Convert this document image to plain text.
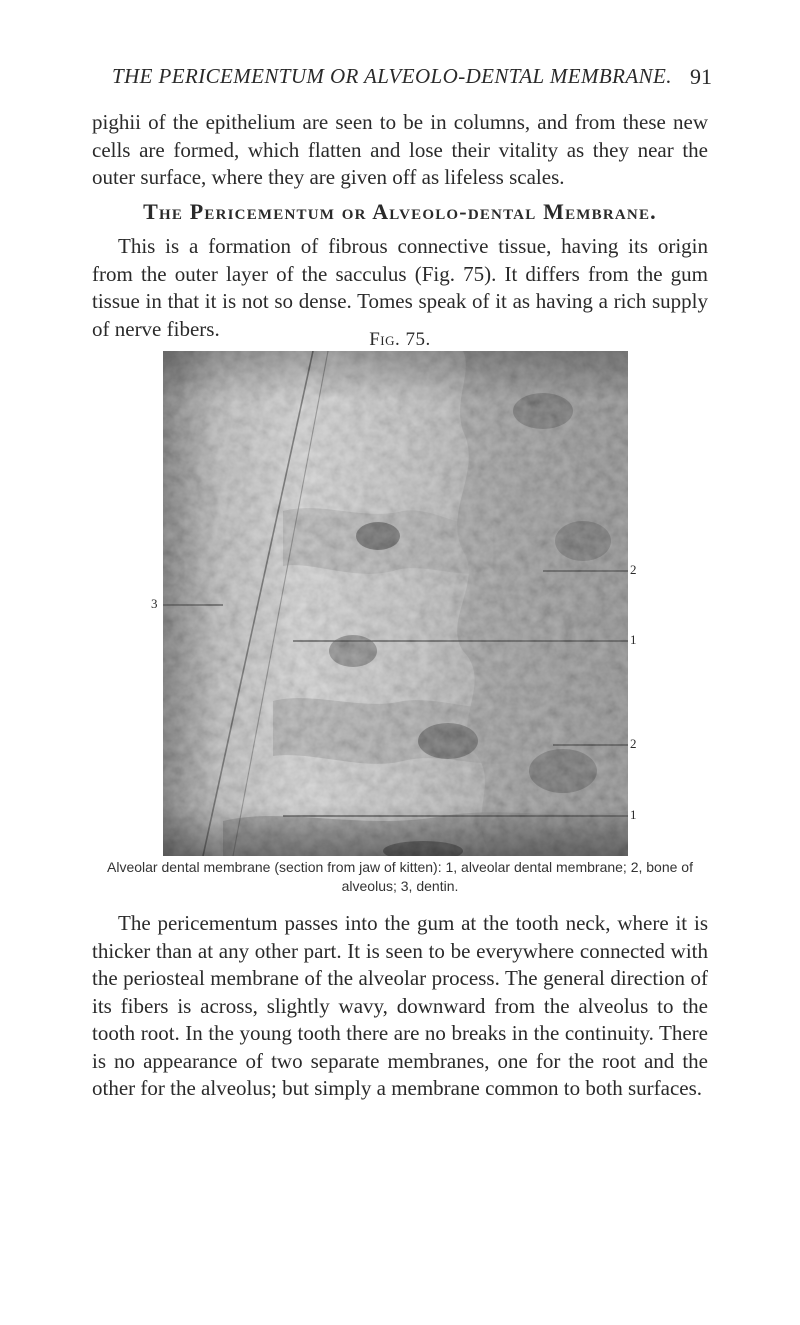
THE PERICEMENTUM OR ALVEOLO-DENTAL MEMBRANE. 91

pighii of the epithelium are seen to be in columns, and from these new cells are formed, which flatten and lose their vitality as they near the outer surface, where they are given off as lifeless scales.

The Pericementum or Alveolo-dental Membrane.

This is a formation of fibrous connective tissue, having its origin from the outer layer of the sacculus (Fig. 75). It differs from the gum tissue in that it is not so dense. Tomes speak of it as having a rich supply of nerve fibers.	Fig. 75.
3
2
1
2
1
Alveolar dental membrane (section from jaw of kitten): 1, alveolar dental membrane; 2, bone of alveolus; 3, dentin.

The pericementum passes into the gum at the tooth neck, where it is thicker than at any other part. It is seen to be everywhere connected with the periosteal membrane of the alveolar process. The general direction of its fibers is across, slightly wavy, downward from the alveolus to the tooth root. In the young tooth there are no breaks in the continuity. There is no appearance of two separate membranes, one for the root and the other for the alveolus; but simply a membrane common to both surfaces.
